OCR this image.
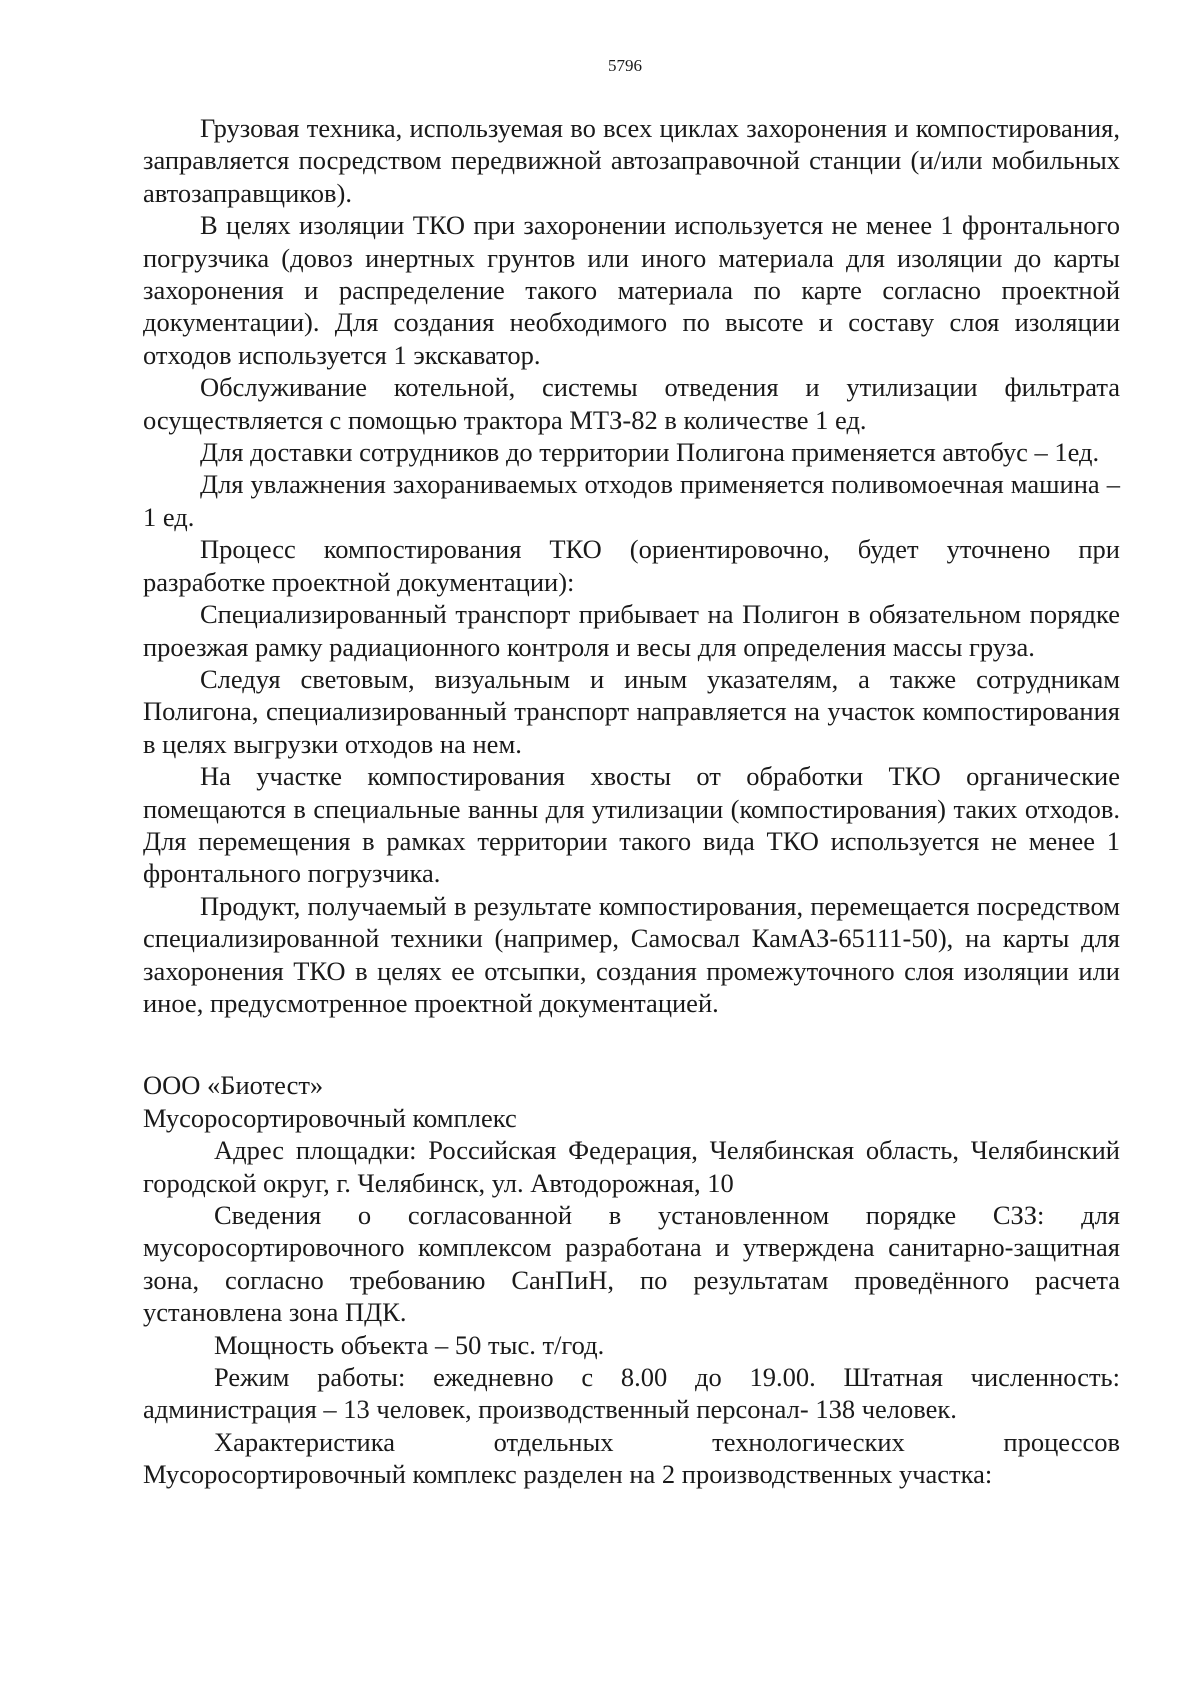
5796

Грузовая техника, используемая во всех циклах захоронения и компостирования, заправляется посредством передвижной автозаправочной станции (и/или мобильных автозаправщиков).

В целях изоляции ТКО при захоронении используется не менее 1 фронтального погрузчика (довоз инертных грунтов или иного материала для изоляции до карты захоронения и распределение такого материала по карте согласно проектной документации). Для создания необходимого по высоте и составу слоя изоляции отходов используется 1 экскаватор.

Обслуживание котельной, системы отведения и утилизации фильтрата осуществляется с помощью трактора МТЗ-82 в количестве 1 ед.

Для доставки сотрудников до территории Полигона применяется автобус – 1ед.

Для увлажнения захораниваемых отходов применяется поливомоечная машина – 1 ед.

Процесс компостирования ТКО (ориентировочно, будет уточнено при разработке проектной документации):

Специализированный транспорт прибывает на Полигон в обязательном порядке проезжая рамку радиационного контроля и весы для определения массы груза.

Следуя световым, визуальным и иным указателям, а также сотрудникам Полигона, специализированный транспорт направляется на участок компостирования в целях выгрузки отходов на нем.

На участке компостирования хвосты от обработки ТКО органические помещаются в специальные ванны для утилизации (компостирования) таких отходов. Для перемещения в рамках территории такого вида ТКО используется не менее 1 фронтального погрузчика.

Продукт, получаемый в результате компостирования, перемещается посредством специализированной техники (например, Самосвал КамАЗ-65111-50), на карты для захоронения ТКО в целях ее отсыпки, создания промежуточного слоя изоляции или иное, предусмотренное проектной документацией.

ООО «Биотест»

Мусоросортировочный комплекс

Адрес площадки: Российская Федерация, Челябинская область, Челябинский городской округ, г. Челябинск, ул. Автодорожная, 10

Сведения о согласованной в установленном порядке СЗЗ: для мусоросортировочного комплексом разработана и утверждена санитарно-защитная зона, согласно требованию СанПиН, по результатам проведённого расчета установлена зона ПДК.

Мощность объекта – 50 тыс. т/год.

Режим работы: ежедневно с 8.00 до 19.00. Штатная численность: администрация – 13 человек, производственный персонал- 138 человек.

Характеристика отдельных технологических процессов

Мусоросортировочный комплекс разделен на 2 производственных участка:
